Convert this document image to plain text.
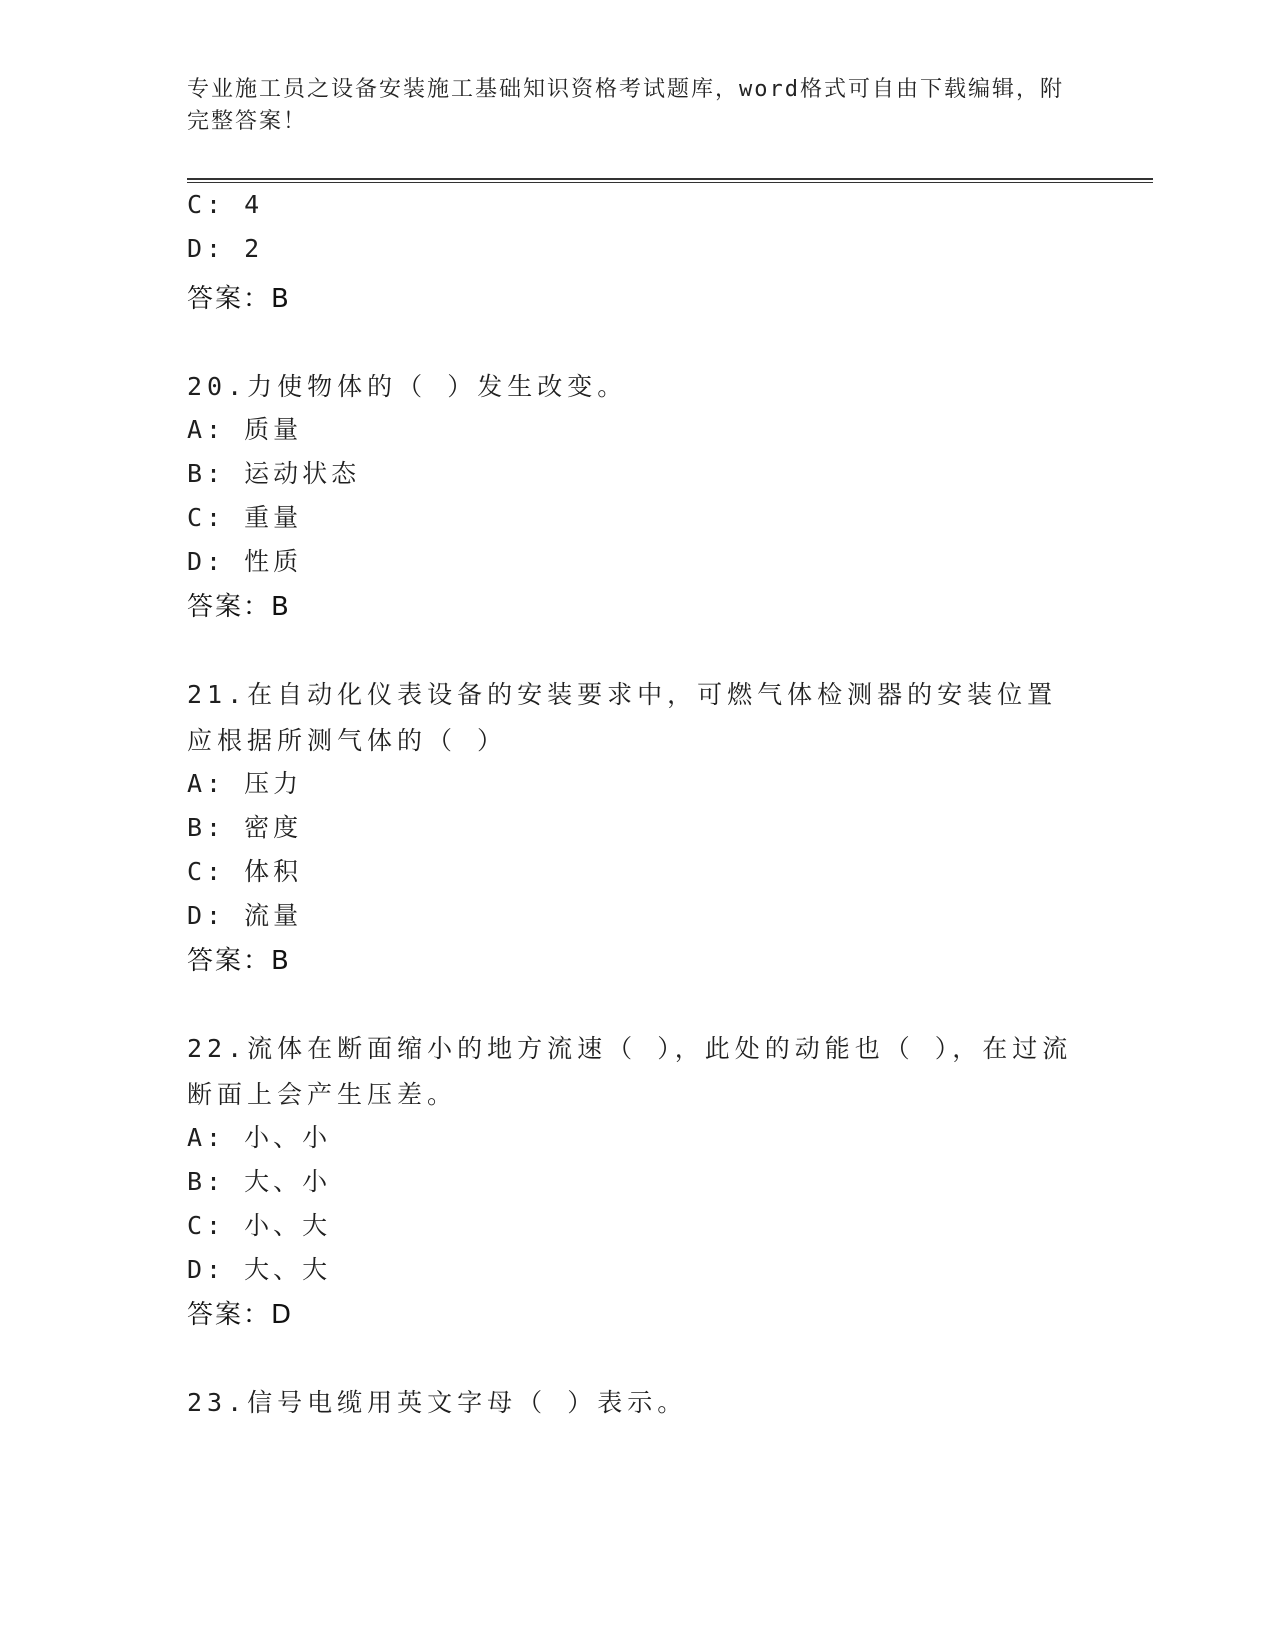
专业施工员之设备安装施工基础知识资格考试题库，word格式可自由下载编辑，附完整答案！
C: 4
D: 2
答案：B
20.力使物体的（ ）发生改变。
A: 质量
B: 运动状态
C: 重量
D: 性质
答案：B
21.在自动化仪表设备的安装要求中，可燃气体检测器的安装位置应根据所测气体的（ ）
A: 压力
B: 密度
C: 体积
D: 流量
答案：B
22.流体在断面缩小的地方流速（ ），此处的动能也（ ），在过流断面上会产生压差。
A: 小、小
B: 大、小
C: 小、大
D: 大、大
答案：D
23.信号电缆用英文字母（ ）表示。
